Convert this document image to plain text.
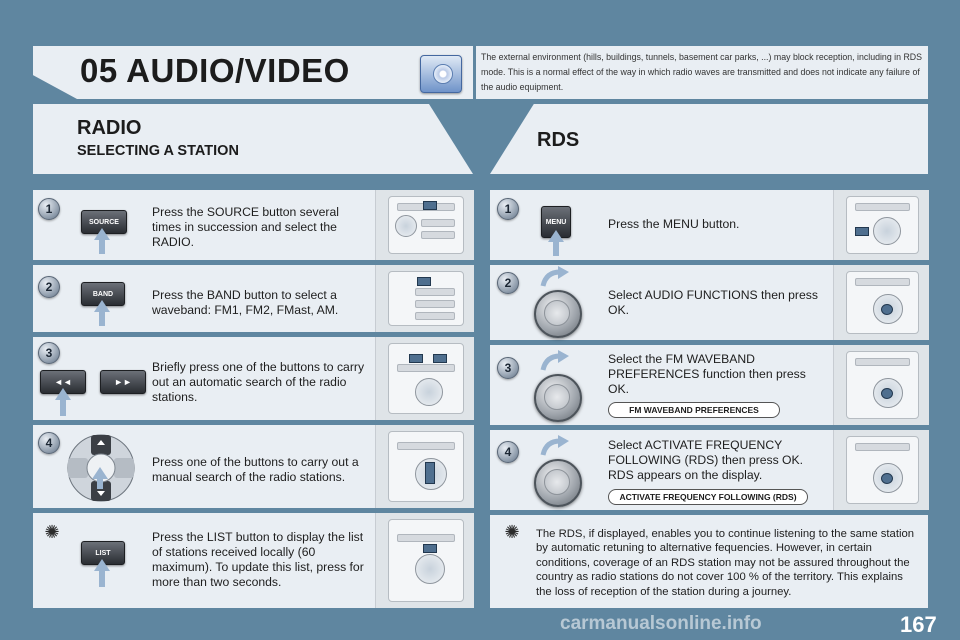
05 AUDIO/VIDEO	The external environment (hills, buildings, tunnels, basement car parks, ...) may block reception, including in RDS mode. This is a normal effect of the way in which radio waves are transmitted and does not indicate any failure of the audio equipment.
RADIO
SELECTING A STATION	RDS
1
SOURCE
Press the SOURCE button several times in succession and select the RADIO.
2	BAND	Press the BAND button to select a waveband: FM1, FM2, FMast, AM.
3
◄◄	►►
Briefly press one of the buttons to carry out an automatic search of the radio stations.
4
Press one of the buttons to carry out a manual search of the radio stations.
✺
LIST
Press the LIST button to display the list of stations received locally (60 maximum). To update this list, press for more than two seconds.
1
MENU	Press the MENU button.
2
Select AUDIO FUNCTIONS then press OK.
3
Select the FM WAVEBAND PREFERENCES function then press OK.
FM WAVEBAND PREFERENCES
4	Select ACTIVATE FREQUENCY FOLLOWING (RDS) then press OK. RDS appears on the display.
ACTIVATE FREQUENCY FOLLOWING (RDS)
✺	The RDS, if displayed, enables you to continue listening to the same station by automatic retuning to alternative fequencies. However, in certain conditions, coverage of an RDS station may not be assured throughout the country as radio stations do not cover 100 % of the territory. This explains the loss of reception of the station during a journey.
carmanualsonline.info	167
